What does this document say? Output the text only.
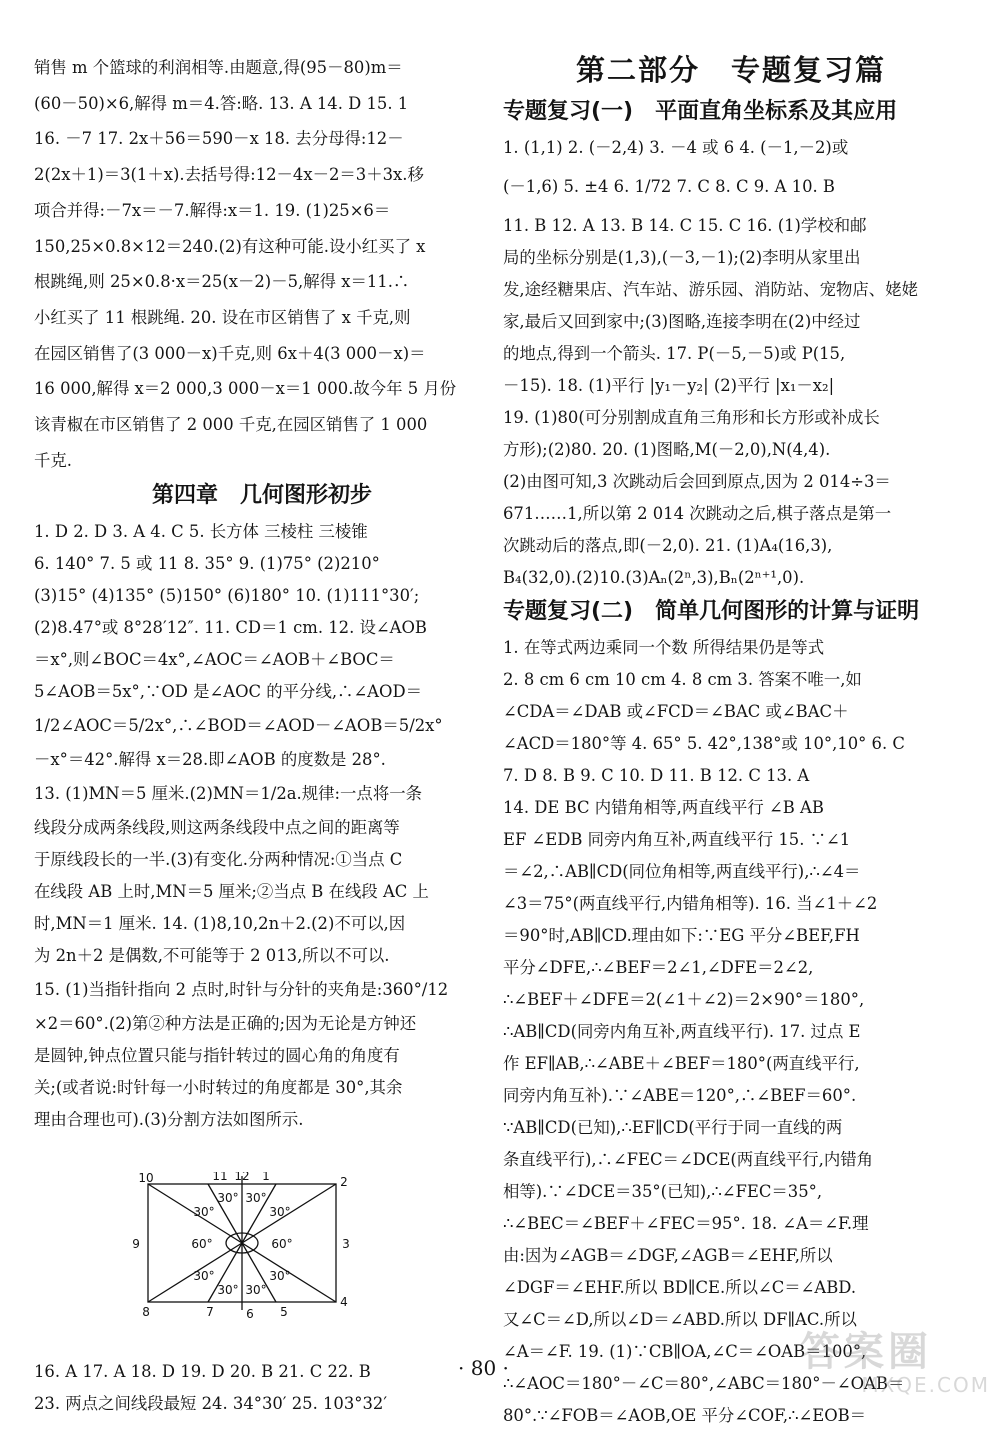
销售 m 个篮球的利润相等.由题意,得(95－80)m＝

(60－50)×6,解得 m＝4.答:略. 13. A 14. D 15. 1

16. －7 17. 2x＋56＝590－x 18. 去分母得:12－

2(2x＋1)＝3(1＋x).去括号得:12－4x－2＝3＋3x.移

项合并得:－7x＝－7.解得:x＝1. 19. (1)25×6＝

150,25×0.8×12＝240.(2)有这种可能.设小红买了 x

根跳绳,则 25×0.8·x＝25(x－2)－5,解得 x＝11.∴

小红买了 11 根跳绳. 20. 设在市区销售了 x 千克,则

在园区销售了(3 000－x)千克,则 6x＋4(3 000－x)＝

16 000,解得 x＝2 000,3 000－x＝1 000.故今年 5 月份

该青椒在市区销售了 2 000 千克,在园区销售了 1 000

千克.

第四章　几何图形初步

1. D 2. D 3. A 4. C 5. 长方体 三棱柱 三棱锥

6. 140° 7. 5 或 11 8. 35° 9. (1)75° (2)210°

(3)15° (4)135° (5)150° (6)180° 10. (1)111°30′;

(2)8.47°或 8°28′12″. 11. CD＝1 cm. 12. 设∠AOB

＝x°,则∠BOC＝4x°,∠AOC＝∠AOB＋∠BOC＝

5∠AOB＝5x°,∵OD 是∠AOC 的平分线,∴∠AOD＝

1/2∠AOC＝5/2x°,∴∠BOD＝∠AOD－∠AOB＝5/2x°

－x°＝42°.解得 x＝28.即∠AOB 的度数是 28°.

13. (1)MN＝5 厘米.(2)MN＝1/2a.规律:一点将一条

线段分成两条线段,则这两条线段中点之间的距离等

于原线段长的一半.(3)有变化.分两种情况:①当点 C

在线段 AB 上时,MN＝5 厘米;②当点 B 在线段 AC 上

时,MN＝1 厘米. 14. (1)8,10,2n＋2.(2)不可以,因

为 2n＋2 是偶数,不可能等于 2 013,所以不可以.

15. (1)当指针指向 2 点时,时针与分针的夹角是:360°/12

×2＝60°.(2)第②种方法是正确的;因为无论是方钟还

是圆钟,钟点位置只能与指针转过的圆心角的角度有

关;(或者说:时针每一小时转过的角度都是 30°,其余

理由合理也可).(3)分割方法如图所示.

10	11 12 1	2
3
4
5
6
7
8
9
30°
30° 30°
30°
60°	60°
30°
30° 30°
30°

16. A 17. A 18. D 19. D 20. B 21. C 22. B

23. 两点之间线段最短 24. 34°30′ 25. 103°32′

第二部分　专题复习篇
专题复习(一)　平面直角坐标系及其应用

1. (1,1) 2. (－2,4) 3. －4 或 6 4. (－1,－2)或

(－1,6) 5. ±4 6. 1/72 7. C 8. C 9. A 10. B

11. B 12. A 13. B 14. C 15. C 16. (1)学校和邮

局的坐标分别是(1,3),(－3,－1);(2)李明从家里出

发,途经糖果店、汽车站、游乐园、消防站、宠物店、姥姥

家,最后又回到家中;(3)图略,连接李明在(2)中经过

的地点,得到一个箭头. 17. P(－5,－5)或 P(15,

－15). 18. (1)平行 |y₁－y₂| (2)平行 |x₁－x₂|

19. (1)80(可分别割成直角三角形和长方形或补成长

方形);(2)80. 20. (1)图略,M(－2,0),N(4,4).

(2)由图可知,3 次跳动后会回到原点,因为 2 014÷3＝

671……1,所以第 2 014 次跳动之后,棋子落点是第一

次跳动后的落点,即(－2,0). 21. (1)A₄(16,3),

B₄(32,0).(2)10.(3)Aₙ(2ⁿ,3),Bₙ(2ⁿ⁺¹,0).

专题复习(二)　简单几何图形的计算与证明

1. 在等式两边乘同一个数 所得结果仍是等式

2. 8 cm 6 cm 10 cm 4. 8 cm 3. 答案不唯一,如

∠CDA＝∠DAB 或∠FCD＝∠BAC 或∠BAC＋

∠ACD＝180°等 4. 65° 5. 42°,138°或 10°,10° 6. C

7. D 8. B 9. C 10. D 11. B 12. C 13. A

14. DE BC 内错角相等,两直线平行 ∠B AB

EF ∠EDB 同旁内角互补,两直线平行 15. ∵∠1

＝∠2,∴AB∥CD(同位角相等,两直线平行),∴∠4＝

∠3＝75°(两直线平行,内错角相等). 16. 当∠1＋∠2

＝90°时,AB∥CD.理由如下:∵EG 平分∠BEF,FH

平分∠DFE,∴∠BEF＝2∠1,∠DFE＝2∠2,

∴∠BEF＋∠DFE＝2(∠1＋∠2)＝2×90°＝180°,

∴AB∥CD(同旁内角互补,两直线平行). 17. 过点 E

作 EF∥AB,∴∠ABE＋∠BEF＝180°(两直线平行,

同旁内角互补).∵∠ABE＝120°,∴∠BEF＝60°.

∵AB∥CD(已知),∴EF∥CD(平行于同一直线的两

条直线平行),∴∠FEC＝∠DCE(两直线平行,内错角

相等).∵∠DCE＝35°(已知),∴∠FEC＝35°,

∴∠BEC＝∠BEF＋∠FEC＝95°. 18. ∠A＝∠F.理

由:因为∠AGB＝∠DGF,∠AGB＝∠EHF,所以

∠DGF＝∠EHF.所以 BD∥CE.所以∠C＝∠ABD.

又∠C＝∠D,所以∠D＝∠ABD.所以 DF∥AC.所以

∠A＝∠F. 19. (1)∵CB∥OA,∠C＝∠OAB＝100°,

∴∠AOC＝180°－∠C＝80°,∠ABC＝180°－∠OAB＝

80°.∵∠FOB＝∠AOB,OE 平分∠COF,∴∠EOB＝

· 80 ·	答案圈
MXQE.COM
